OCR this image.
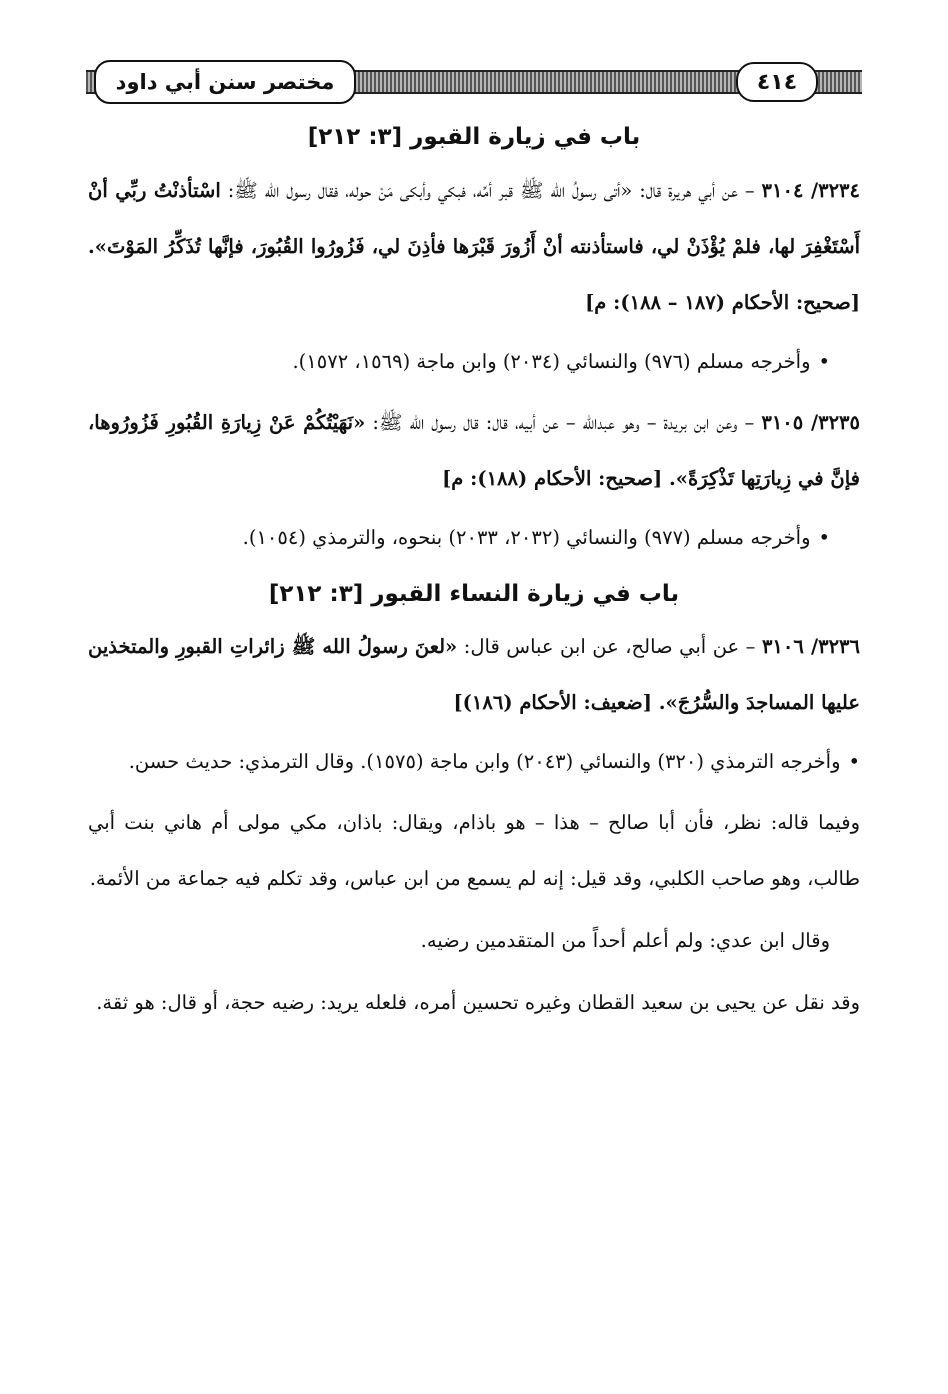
مختصر سنن أبي داود	٤١٤
باب في زيارة القبور [٣: ٢١٢]

٣٢٣٤/ ٣١٠٤ – عن أبي هريرة قال: «أتى رسولُ الله ﷺ قبر أمِّه، فبكي وأبكى مَنْ حوله، فقال رسول الله ﷺ: اسْتأذنْتُ ربِّي أنْ أَسْتَغْفِرَ لها، فلمْ يُؤْذَنْ لي، فاستأذنته أنْ أَزُورَ قَبْرَها فأذِنَ لي، فَزُورُوا القُبُورَ، فإنَّها تُذَكِّرُ المَوْتَ». [صحيح: الأحكام (١٨٧ – ١٨٨): م]

•وأخرجه مسلم (٩٧٦) والنسائي (٢٠٣٤) وابن ماجة (١٥٦٩، ١٥٧٢).

٣٢٣٥/ ٣١٠٥ – وعن ابن بريدة – وهو عبدالله – عن أبيه، قال: قال رسول الله ﷺ: «نَهَيْتُكُمْ عَنْ زِيارَةِ القُبُورِ فَزُورُوها، فإنَّ في زِيارَتِها تَذْكِرَةً». [صحيح: الأحكام (١٨٨): م]

•وأخرجه مسلم (٩٧٧) والنسائي (٢٠٣٢، ٢٠٣٣) بنحوه، والترمذي (١٠٥٤).

باب في زيارة النساء القبور [٣: ٢١٢]

٣٢٣٦/ ٣١٠٦ – عن أبي صالح، عن ابن عباس قال: «لعنَ رسولُ الله ﷺ زائراتِ القبورِ والمتخذين عليها المساجدَ والسُّرُجَ». [ضعيف: الأحكام (١٨٦)]

•وأخرجه الترمذي (٣٢٠) والنسائي (٢٠٤٣) وابن ماجة (١٥٧٥). وقال الترمذي: حديث حسن.

وفيما قاله: نظر، فأن أبا صالح – هذا – هو باذام، ويقال: باذان، مكي مولى أم هاني بنت أبي طالب، وهو صاحب الكلبي، وقد قيل: إنه لم يسمع من ابن عباس، وقد تكلم فيه جماعة من الأئمة.

وقال ابن عدي: ولم أعلم أحداً من المتقدمين رضيه.

وقد نقل عن يحيى بن سعيد القطان وغيره تحسين أمره، فلعله يريد: رضيه حجة، أو قال: هو ثقة.
